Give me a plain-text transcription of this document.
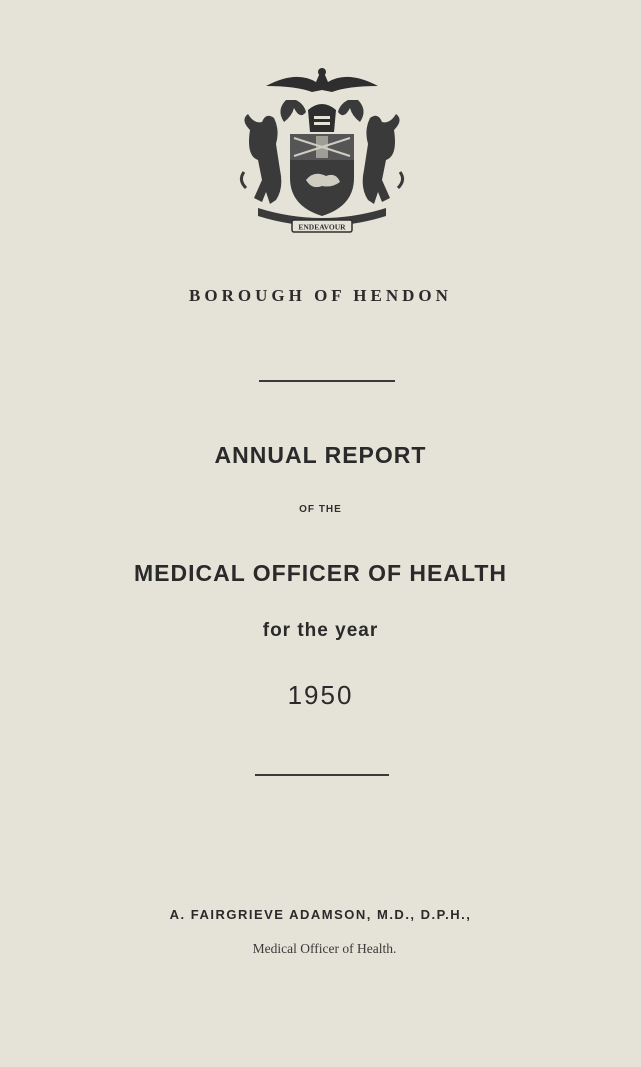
ENDEAVOUR
BOROUGH OF HENDON
ANNUAL REPORT
OF THE
MEDICAL OFFICER OF HEALTH
for the year
1950
A. FAIRGRIEVE ADAMSON, M.D., D.P.H.,
Medical Officer of Health.
